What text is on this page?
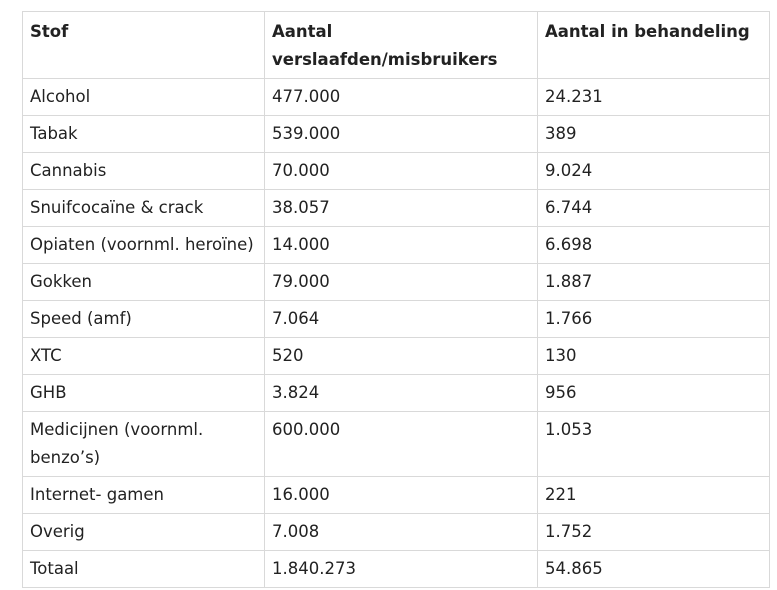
Stof	Aantal verslaafden/misbruikers	Aantal in behandeling
Alcohol	477.000	24.231
Tabak	539.000	389
Cannabis	70.000	9.024
Snuifcocaïne & crack	38.057	6.744
Opiaten (voornml. heroïne)	14.000	6.698
Gokken	79.000	1.887
Speed (amf)	7.064	1.766
XTC	520	130
GHB	3.824	956
Medicijnen (voornml. benzo’s)	600.000	1.053
Internet- gamen	16.000	221
Overig	7.008	1.752
Totaal	1.840.273	54.865
